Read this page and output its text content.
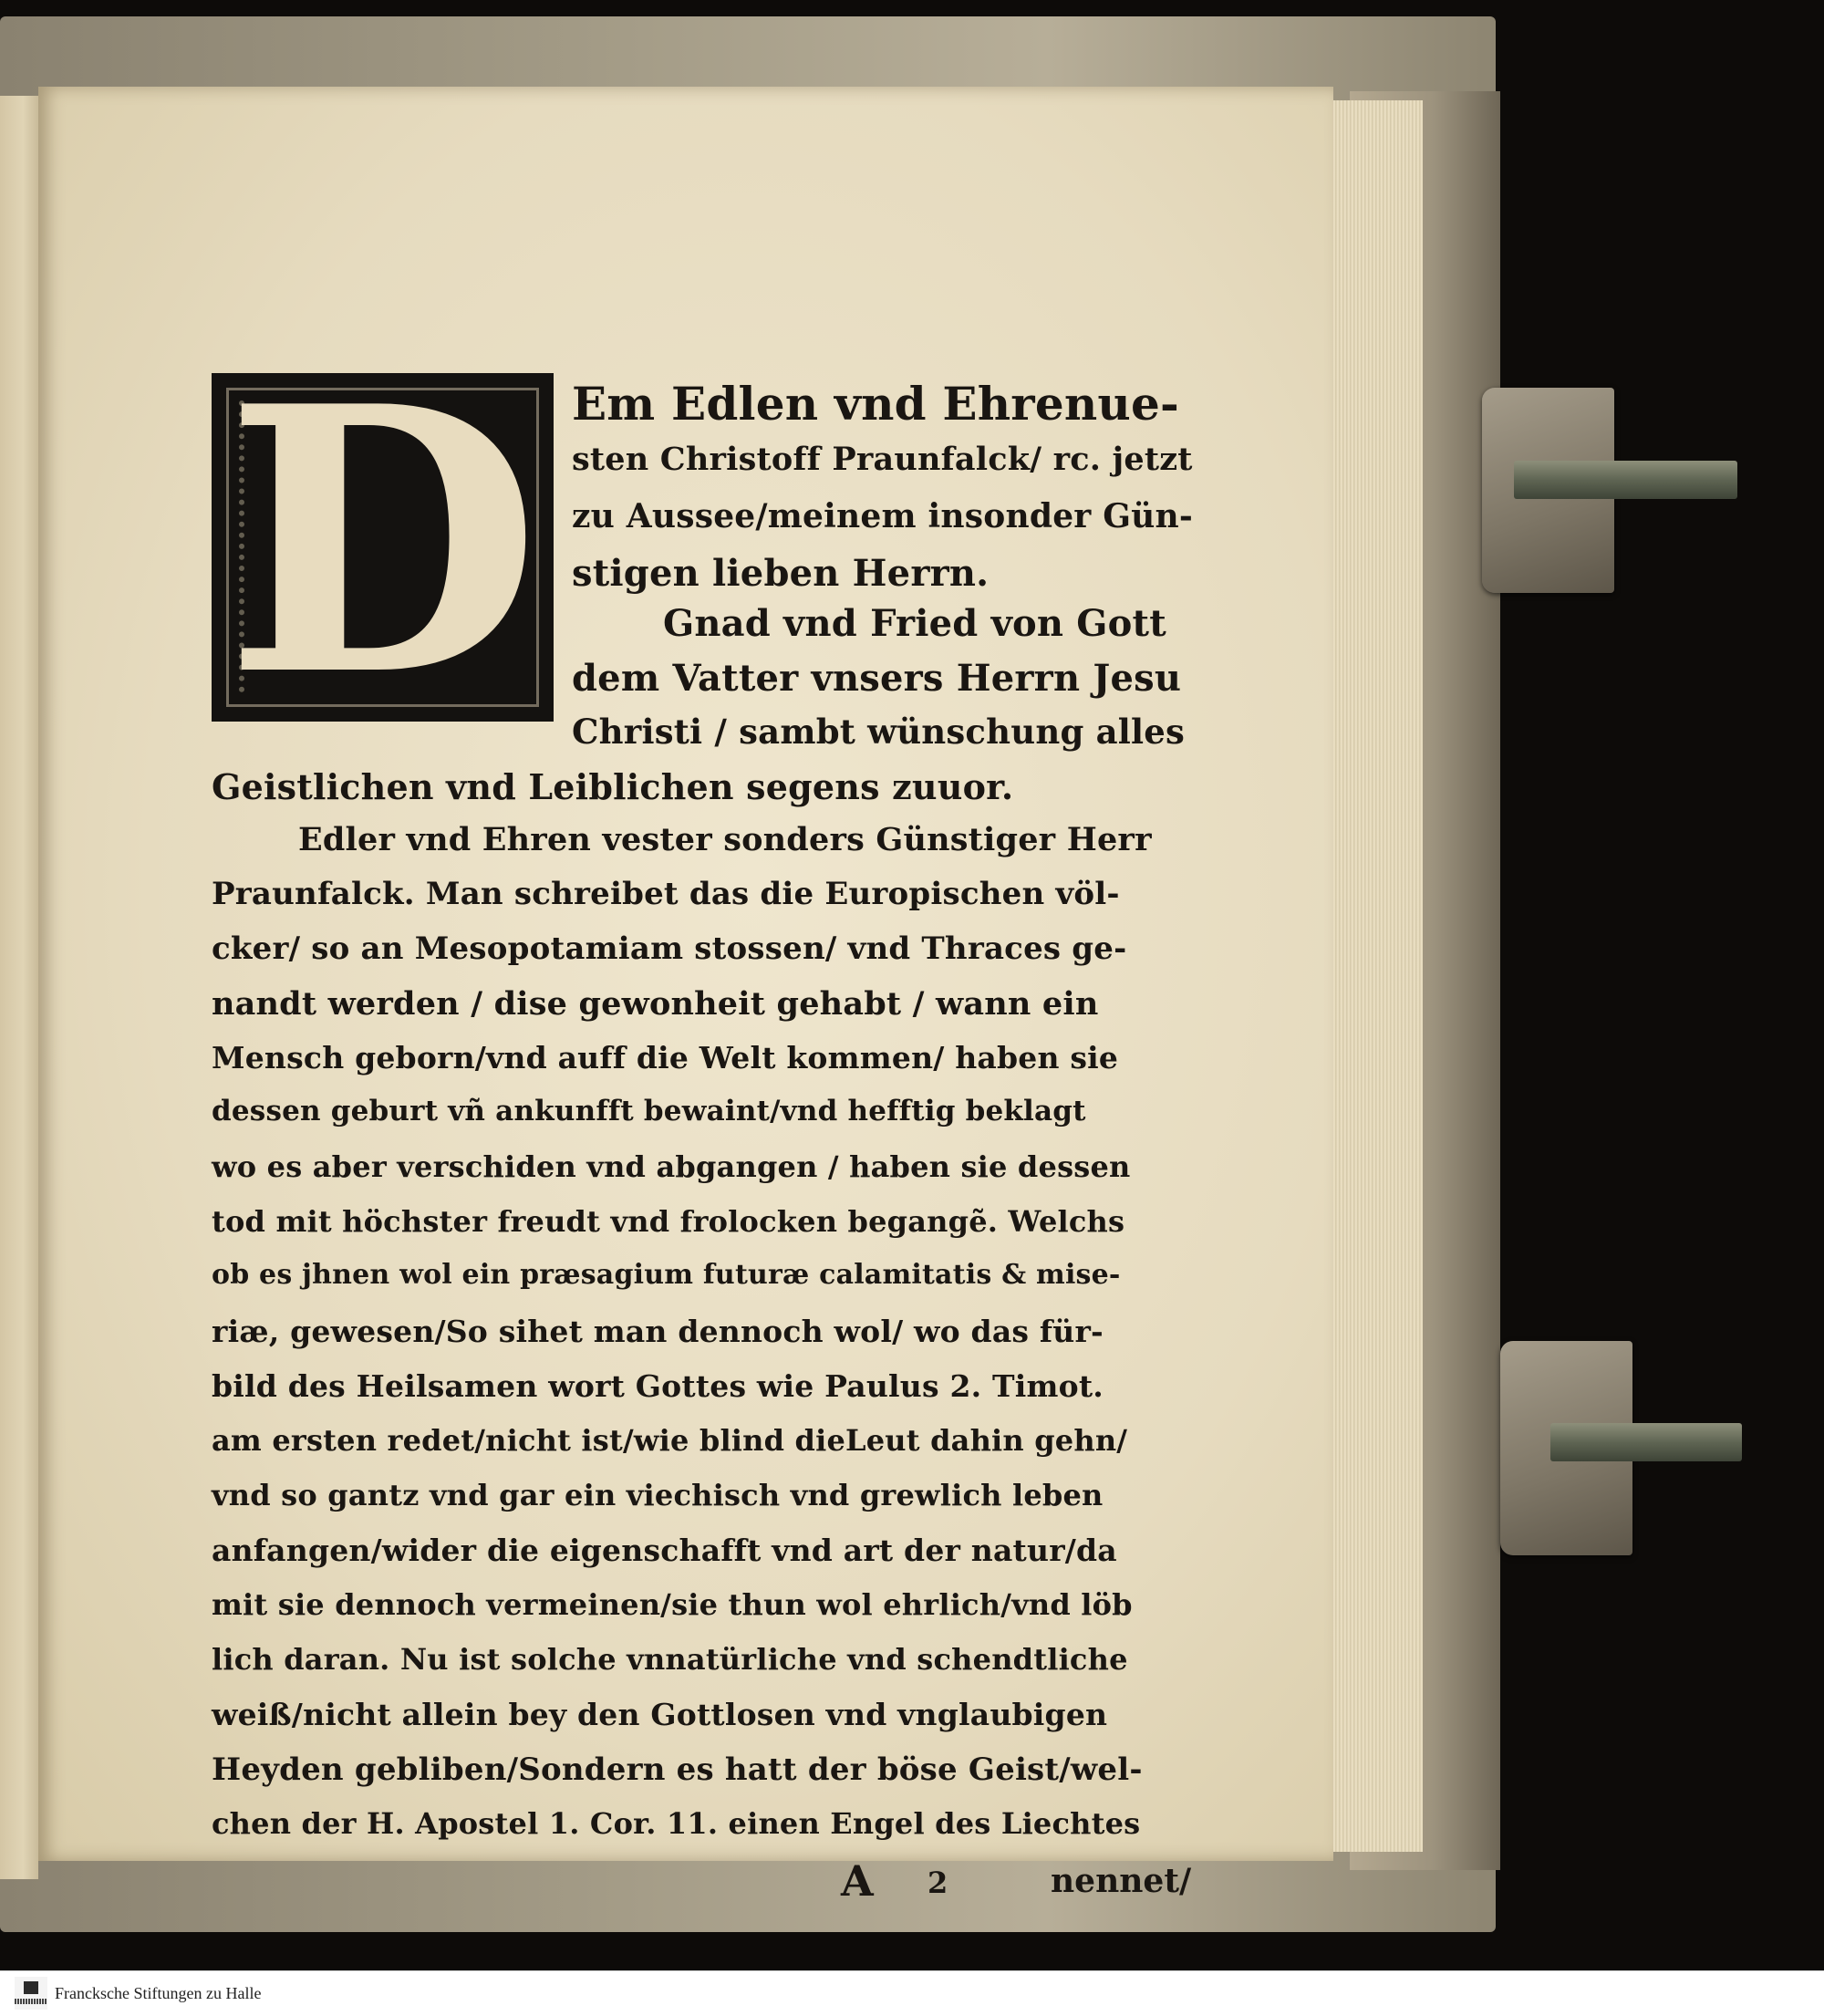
D Em Edlen vnd Ehrenue-
sten Christoff Praunfalck/ rc. jetzt
zu Aussee/meinem insonder Gün-
stigen lieben Herrn.
Gnad vnd Fried von Gott
dem Vatter vnsers Herrn Jesu
Christi / sambt wünschung alles
Geistlichen vnd Leiblichen segens zuuor.
Edler vnd Ehren vester sonders Günstiger Herr
Praunfalck. Man schreibet das die Europischen völ-
cker/ so an Mesopotamiam stossen/ vnd Thraces ge-
nandt werden / dise gewonheit gehabt / wann ein
Mensch geborn/vnd auff die Welt kommen/ haben sie
dessen geburt vñ ankunfft bewaint/vnd hefftig beklagt
wo es aber verschiden vnd abgangen / haben sie dessen
tod mit höchster freudt vnd frolocken begangẽ. Welchs
ob es jhnen wol ein præsagium futuræ calamitatis & mise-
riæ, gewesen/So sihet man dennoch wol/ wo das für-
bild des Heilsamen wort Gottes wie Paulus 2. Timot.
am ersten redet/nicht ist/wie blind dieLeut dahin gehn/
vnd so gantz vnd gar ein viechisch vnd grewlich leben
anfangen/wider die eigenschafft vnd art der natur/da
mit sie dennoch vermeinen/sie thun wol ehrlich/vnd löb
lich daran. Nu ist solche vnnatürliche vnd schendtliche
weiß/nicht allein bey den Gottlosen vnd vnglaubigen
Heyden gebliben/Sondern es hatt der böse Geist/wel-
chen der H. Apostel 1. Cor. 11. einen Engel des Liechtes
A 2	nennet/
Francksche Stiftungen zu Halle
